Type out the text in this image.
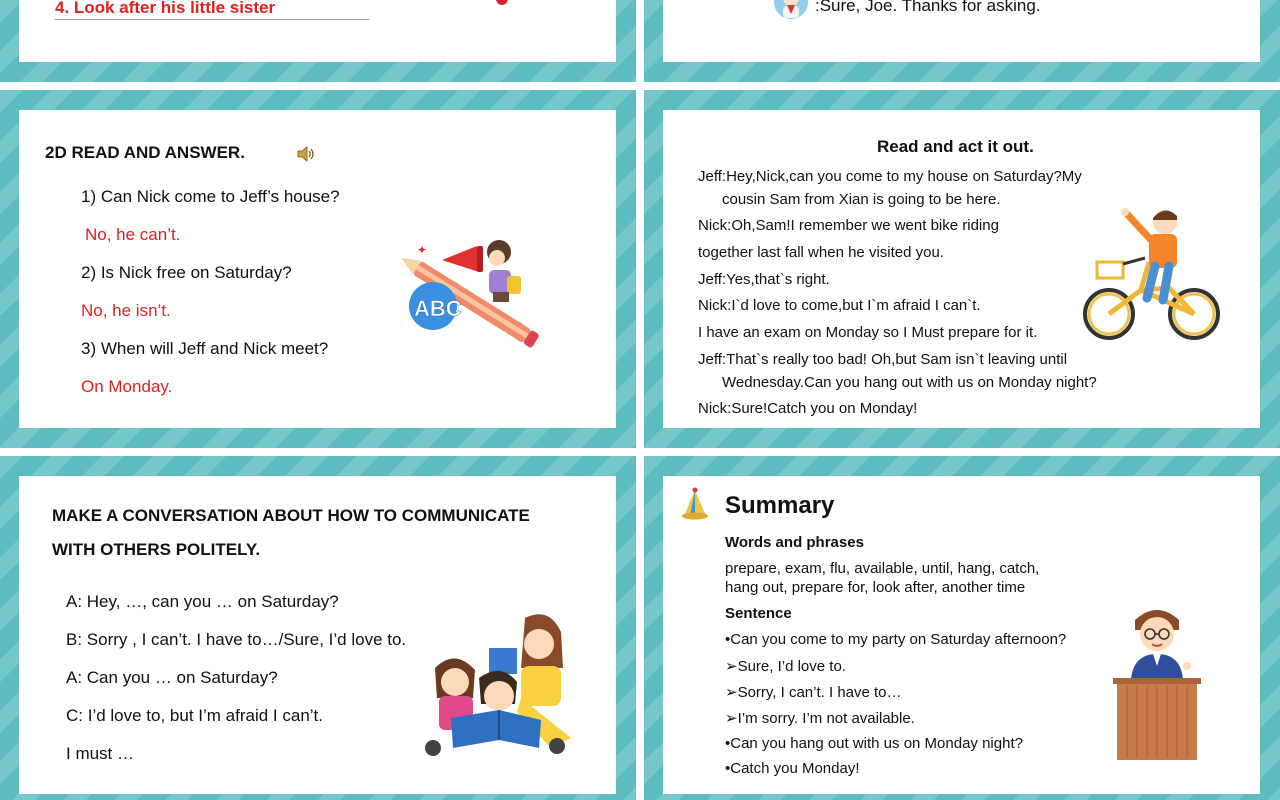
4. Look after his little sister	:Sure, Joe. Thanks for asking.
2D READ AND ANSWER.
1) Can Nick come to Jeff’s house?
No, he can’t.
2) Is Nick free on Saturday?
No, he isn’t.
3) When will Jeff and Nick meet?
On Monday.
ABC
✦
Read and act it out.
Jeff:Hey,Nick,can you come to my house on Saturday?My
cousin Sam from Xian is going to be here.
Nick:Oh,Sam!I remember we went bike riding
together last fall when he visited you.
Jeff:Yes,that`s right.
Nick:I`d love to come,but I`m afraid I can`t.
I have an exam on Monday so I Must prepare for it.
Jeff:That`s really too bad! Oh,but Sam isn`t leaving until
Wednesday.Can you hang out with us on Monday night?
Nick:Sure!Catch you on Monday!
MAKE A CONVERSATION ABOUT HOW TO COMMUNICATE
WITH OTHERS POLITELY.
A: Hey, …, can you … on Saturday?
B: Sorry , I can’t. I have to…/Sure, I’d love to.
A: Can you … on Saturday?
C: I’d love to, but I’m afraid I can’t.
I must …
Summary
Words and phrases
prepare, exam, flu, available, until, hang, catch,
hang out, prepare for, look after, another time
Sentence
•Can you come to my party on Saturday afternoon?
➢Sure, I’d love to.
➢Sorry, I can’t. I have to…
➢I’m sorry. I’m not available.
•Can you hang out with us on Monday night?
•Catch you Monday!
